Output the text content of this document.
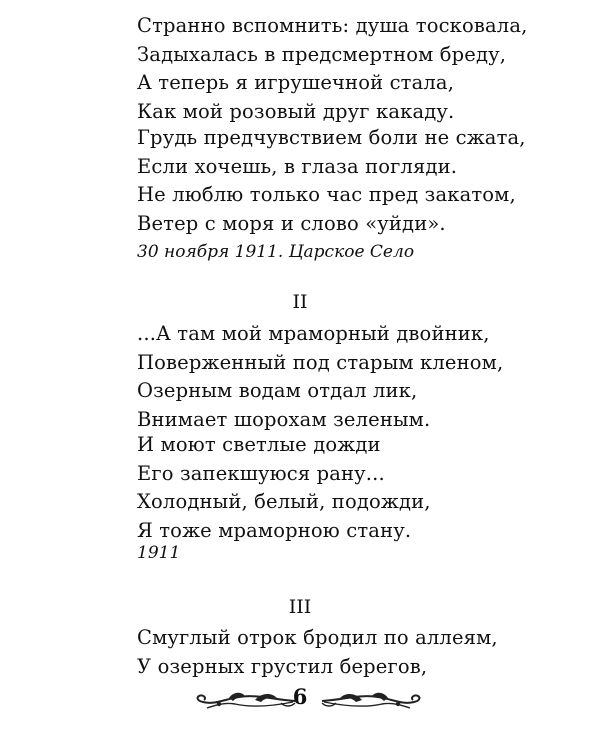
Странно вспомнить: душа тосковала,
Задыхалась в предсмертном бреду,
А теперь я игрушечной стала,
Как мой розовый друг какаду.
Грудь предчувствием боли не сжата,
Если хочешь, в глаза погляди.
Не люблю только час пред закатом,
Ветер с моря и слово «уйди».
30 ноября 1911. Царское Село
II
...А там мой мраморный двойник,
Поверженный под старым кленом,
Озерным водам отдал лик,
Внимает шорохам зеленым.
И моют светлые дожди
Его запекшуюся рану...
Холодный, белый, подожди,
Я тоже мраморною стану.
1911
III
Смуглый отрок бродил по аллеям,
У озерных грустил берегов,
6
